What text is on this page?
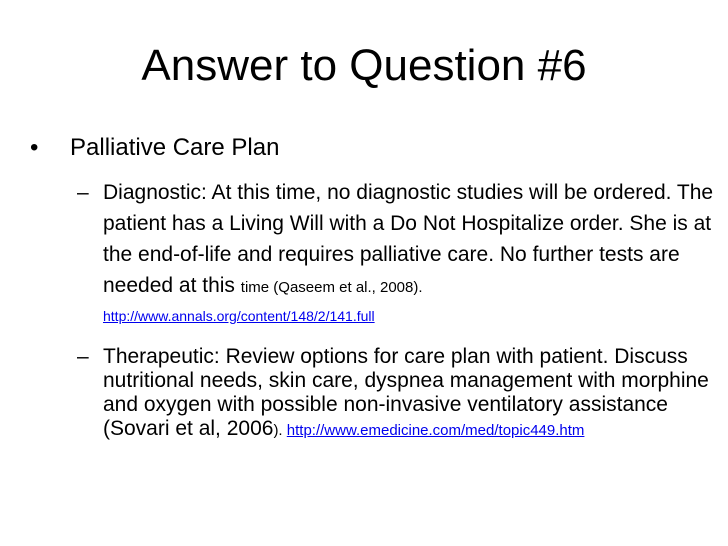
Answer to Question #6
• Palliative Care Plan
– Diagnostic: At this time, no diagnostic studies will be ordered. The patient has a Living Will with a Do Not Hospitalize order. She is at the end-of-life and requires palliative care. No further tests are needed at this time (Qaseem et al., 2008).
http://www.annals.org/content/148/2/141.full
– Therapeutic: Review options for care plan with patient. Discuss nutritional needs, skin care, dyspnea management with morphine and oxygen with possible non-invasive ventilatory assistance (Sovari et al, 2006). http://www.emedicine.com/med/topic449.htm
